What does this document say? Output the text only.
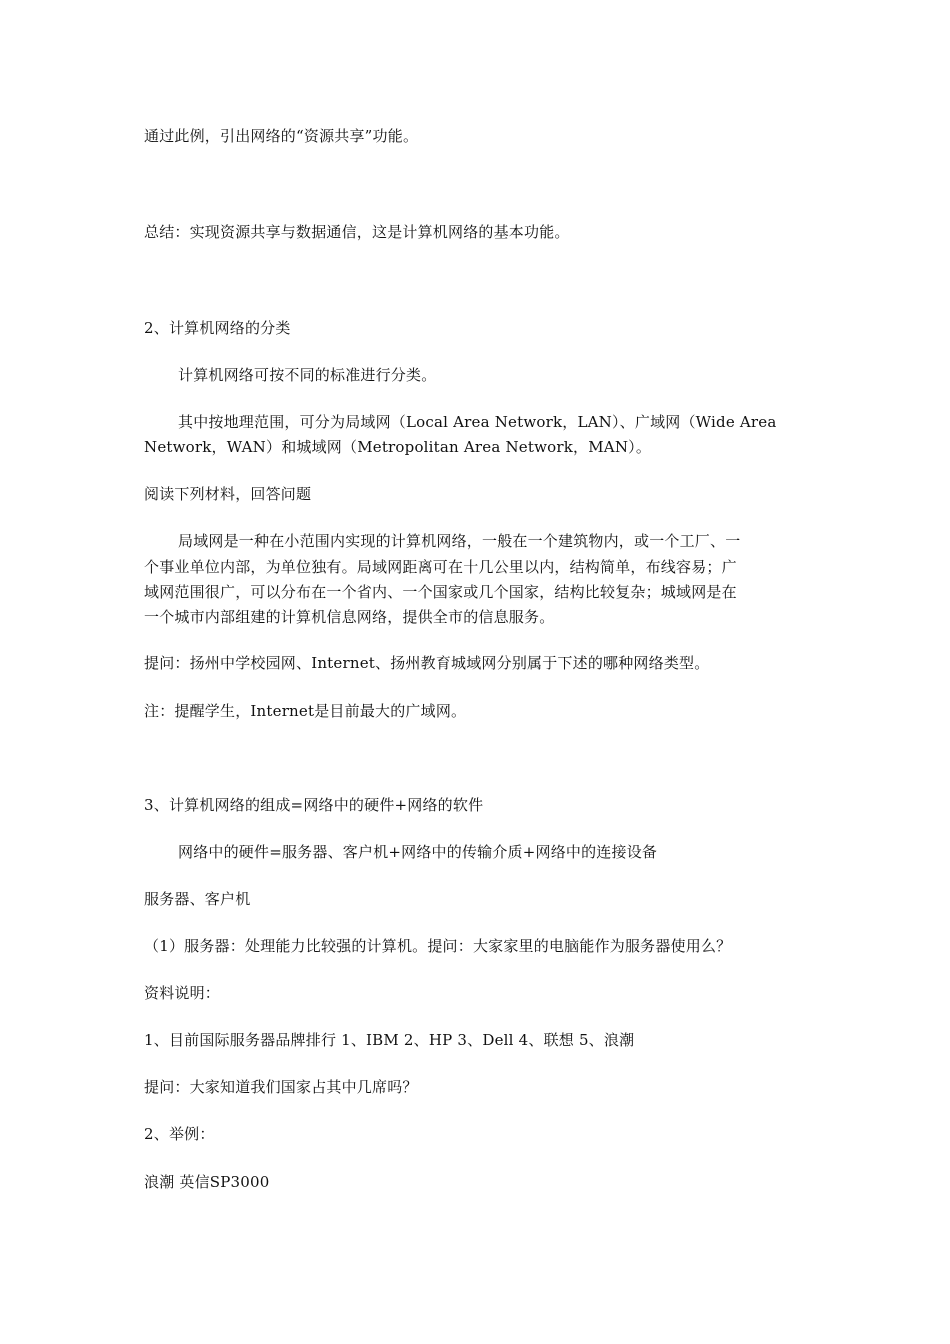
通过此例，引出网络的“资源共享”功能。
总结：实现资源共享与数据通信，这是计算机网络的基本功能。
2、计算机网络的分类
计算机网络可按不同的标准进行分类。
其中按地理范围，可分为局域网（Local Area Network，LAN）、广域网（Wide Area
Network，WAN）和城域网（Metropolitan Area Network，MAN）。
阅读下列材料，回答问题
局域网是一种在小范围内实现的计算机网络，一般在一个建筑物内，或一个工厂、一
个事业单位内部，为单位独有。局域网距离可在十几公里以内，结构简单，布线容易；广
域网范围很广，可以分布在一个省内、一个国家或几个国家，结构比较复杂；城域网是在
一个城市内部组建的计算机信息网络，提供全市的信息服务。
提问：扬州中学校园网、Internet、扬州教育城域网分别属于下述的哪种网络类型。
注：提醒学生，Internet是目前最大的广域网。
3、计算机网络的组成=网络中的硬件+网络的软件
网络中的硬件=服务器、客户机+网络中的传输介质+网络中的连接设备
服务器、客户机
（1）服务器：处理能力比较强的计算机。提问：大家家里的电脑能作为服务器使用么？
资料说明：
1、目前国际服务器品牌排行 1、IBM 2、HP 3、Dell 4、联想 5、浪潮
提问：大家知道我们国家占其中几席吗？
2、举例：
浪潮 英信SP3000
